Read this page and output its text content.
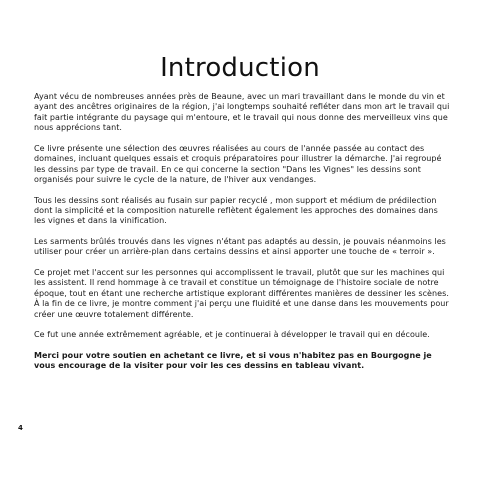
Introduction

Ayant vécu de nombreuses années près de Beaune, avec un mari travaillant dans le monde du vin et ayant des ancêtres originaires de la région, j'ai longtemps souhaité refléter dans mon art le travail qui fait partie intégrante du paysage qui m'entoure, et le travail qui nous donne des merveilleux vins que nous apprécions tant.

Ce livre présente une sélection des œuvres réalisées au cours de l'année passée au contact des domaines, incluant quelques essais et croquis préparatoires pour illustrer la démarche. J'ai regroupé les dessins par type de travail. En ce qui concerne la section "Dans les Vignes" les dessins sont organisés pour suivre le cycle de la nature, de l'hiver aux vendanges.

Tous les dessins sont réalisés au fusain sur papier recyclé , mon support et médium de prédilection dont la simplicité et la composition naturelle reflètent également les approches des domaines dans les vignes et dans la vinification.

Les sarments brûlés trouvés dans les vignes n'étant pas adaptés au dessin, je pouvais néanmoins les utiliser pour créer un arrière-plan dans certains dessins et ainsi apporter une touche de « terroir ».

Ce projet met l'accent sur les personnes qui accomplissent le travail, plutôt que sur les machines qui les assistent. Il rend hommage à ce travail et constitue un témoignage de l'histoire sociale de notre époque, tout en étant une recherche artistique explorant différentes manières de dessiner les scènes. À la fin de ce livre, je montre comment j'ai perçu une fluidité et une danse dans les mouvements pour créer une œuvre totalement différente.

Ce fut une année extrêmement agréable, et je continuerai à développer le travail qui en découle.

Merci pour votre soutien en achetant ce livre, et si vous n'habitez pas en Bourgogne je vous encourage de la visiter pour voir les ces dessins en tableau vivant.

4
